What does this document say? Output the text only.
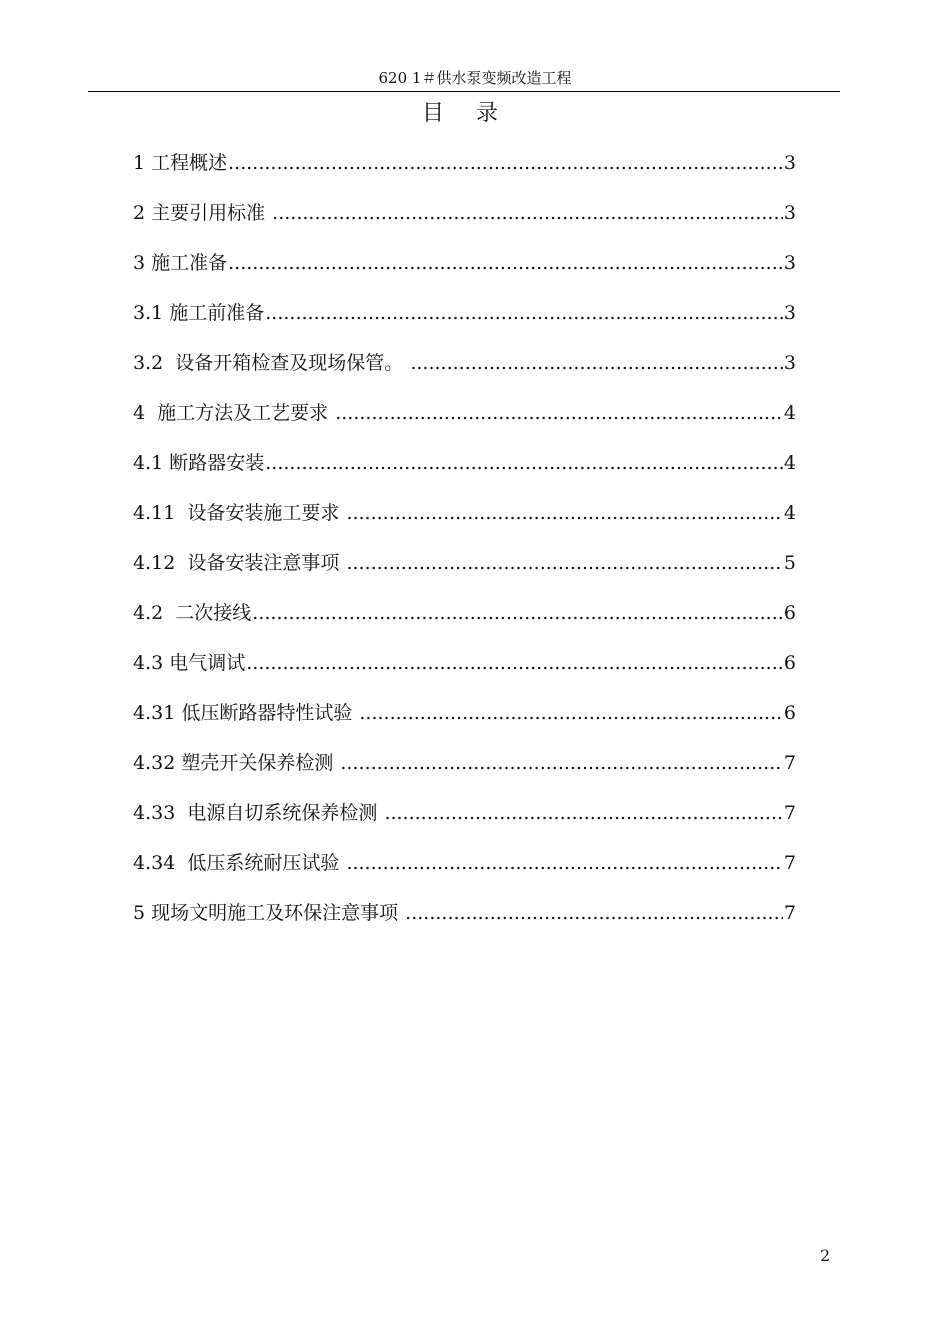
620 1＃供水泵变频改造工程
目录
1 工程概述 .....	3
2 主要引用标准 .....	3
3 施工准备 .....	3
3.1 施工前准备 .....	3
3.2  设备开箱检查及现场保管。 .....	3
4  施工方法及工艺要求 .....	4
4.1 断路器安装 .....	4
4.11  设备安装施工要求 .....	4
4.12  设备安装注意事项 .....	5
4.2  二次接线 .....	6
4.3 电气调试 .....	6
4.31 低压断路器特性试验 .....	6
4.32 塑壳开关保养检测 .....	7
4.33  电源自切系统保养检测 .....	7
4.34  低压系统耐压试验 .....	7
5 现场文明施工及环保注意事项 .....	7
2
